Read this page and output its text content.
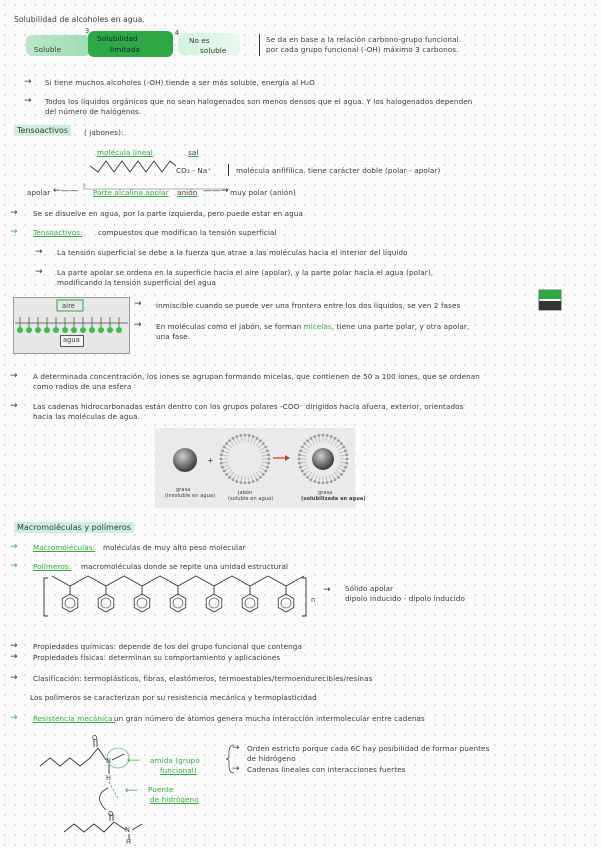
Solubilidad de alcoholes en agua.
Soluble
Solubilidad
limitada
3	4
No es
soluble
Se da en base a la relación carbono-grupo funcional.
por cada grupo funcional (-OH) máximo 3 carbonos.
→ Si tiene muchos alcoholes (-OH) tiende a ser más soluble, energía al H₂O
→ Todos los líquidos orgánicos que no sean halogenados son menos densos que el agua. Y los halogenados dependen
del número de halógenos.
Tensoactivos	( jabones):
molécula lineal	sal
CO₂ - Na⁺	molécula anfifílica. tiene carácter doble (polar - apolar)
apolar ←—— Parte alcalina apolar anión ——→ muy polar (anión)
→ Se se disuelve en agua, por la parte izquierda, pero puede estar en agua
→ Tensoactivos: compuestos que modifican la tensión superficial
→ La tensión superficial se debe a la fuerza que atrae a las moléculas hacia el interior del líquido
→ La parte apolar se ordena en la superficie hacia el aire (apolar), y la parte polar hacia el agua (polar),
modificando la tensión superficial del agua
aire
agua
→ inmiscible cuando se puede ver una frontera entre los dos líquidos, se ven 2 fases
→ En moléculas como el jabón, se forman micelas, tiene una parte polar, y otra apolar,
una fase.
→ A determinada concentración, los iones se agrupan formando micelas, que contienen de 50 a 100 iones, que se ordenan
como radios de una esfera
→ Las cadenas hidrocarbonadas están dentro con los grupos polares -COO⁻ dirigidos hacia afuera, exterior, orientados
hacia las moléculas de agua.
+
grasa
(insoluble en agua)	jabón
(soluble en agua)
grasa
(solubilizada en agua)
Macromoléculas y polímeros
→ Macromoléculas: moléculas de muy alto peso molecular
→ Polímeros: macromoléculas donde se repite una unidad estructural
n
→ Sólido apolar
dipolo inducido - dipolo inducido
→ Propiedades químicas: depende de los del grupo funcional que contenga
→ Propiedades físicas: determinan su comportamiento y aplicaciones
→ Clasificación: termoplásticos, fibras, elastómeros, termoestables/termoendurecibles/resinas
Los polímeros se caracterizan por su resistencia mecánica y termoplasticidad
→ Resistencia mecánica:
un gran número de átomos genera mucha interacción intermolecular entre cadenas
O
N
H
O
N
H
⟵ amida (grupo
funcional)
⟵ Puente
de hidrógeno
→ Orden estricto porque cada 6C hay posibilidad de formar puentes
de hidrógeno
→ Cadenas lineales con interacciones fuertes
